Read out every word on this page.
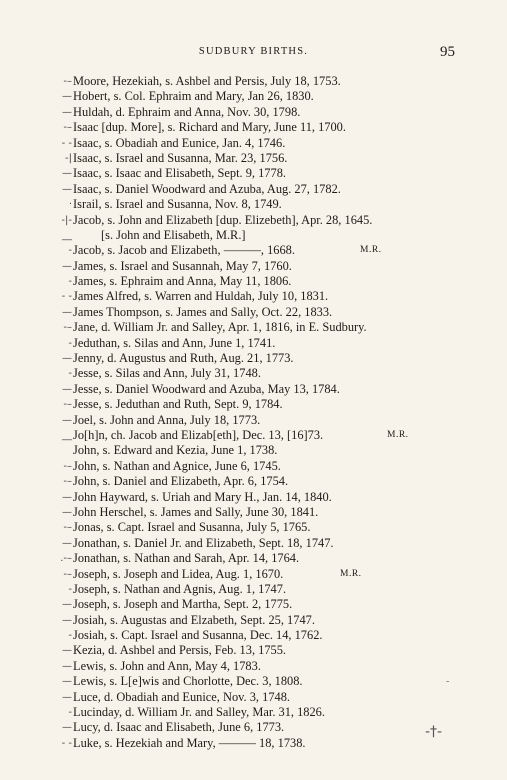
SUDBURY BIRTHS.	95
-– Moore, Hezekiah, s. Ashbel and Persis, July 18, 1753.
— Hobert, s. Col. Ephraim and Mary, Jan 26, 1830.
— Huldah, d. Ephraim and Anna, Nov. 30, 1798.
-– Isaac [dup. More], s. Richard and Mary, June 11, 1700.
- - Isaac, s. Obadiah and Eunice, Jan. 4, 1746.
-| Isaac, s. Israel and Susanna, Mar. 23, 1756.
— Isaac, s. Isaac and Elisabeth, Sept. 9, 1778.
— Isaac, s. Daniel Woodward and Azuba, Aug. 27, 1782.
· Israil, s. Israel and Susanna, Nov. 8, 1749.
-|- Jacob, s. John and Elizabeth [dup. Elizebeth], Apr. 28, 1645.
__ [s. John and Elisabeth, M.R.]
- Jacob, s. Jacob and Elizabeth, ———, 1668.	M.R.
— James, s. Israel and Susannah, May 7, 1760.
- James, s. Ephraim and Anna, May 11, 1806.
- - James Alfred, s. Warren and Huldah, July 10, 1831.
— James Thompson, s. James and Sally, Oct. 22, 1833.
-– Jane, d. William Jr. and Salley, Apr. 1, 1816, in E. Sudbury.
- Jeduthan, s. Silas and Ann, June 1, 1741.
— Jenny, d. Augustus and Ruth, Aug. 21, 1773.
- Jesse, s. Silas and Ann, July 31, 1748.
— Jesse, s. Daniel Woodward and Azuba, May 13, 1784.
-– Jesse, s. Jeduthan and Ruth, Sept. 9, 1784.
— Joel, s. John and Anna, July 18, 1773.
__ Jo[h]n, ch. Jacob and Elizab[eth], Dec. 13, [16]73.	M.R.
John, s. Edward and Kezia, June 1, 1738.
-– John, s. Nathan and Agnice, June 6, 1745.
-– John, s. Daniel and Elizabeth, Apr. 6, 1754.
— John Hayward, s. Uriah and Mary H., Jan. 14, 1840.
— John Herschel, s. James and Sally, June 30, 1841.
-– Jonas, s. Capt. Israel and Susanna, July 5, 1765.
— Jonathan, s. Daniel Jr. and Elizabeth, Sept. 18, 1747.
.-– Jonathan, s. Nathan and Sarah, Apr. 14, 1764.
-– Joseph, s. Joseph and Lidea, Aug. 1, 1670.	M.R.
- Joseph, s. Nathan and Agnis, Aug. 1, 1747.
— Joseph, s. Joseph and Martha, Sept. 2, 1775.
— Josiah, s. Augustas and Elzabeth, Sept. 25, 1747.
- Josiah, s. Capt. Israel and Susanna, Dec. 14, 1762.
— Kezia, d. Ashbel and Persis, Feb. 13, 1755.
— Lewis, s. John and Ann, May 4, 1783.
— Lewis, s. L[e]wis and Chorlotte, Dec. 3, 1808.
— Luce, d. Obadiah and Eunice, Nov. 3, 1748.
- Lucinday, d. William Jr. and Salley, Mar. 31, 1826.
— Lucy, d. Isaac and Elisabeth, June 6, 1773.
- - Luke, s. Hezekiah and Mary, ——— 18, 1738.
-
-†-
